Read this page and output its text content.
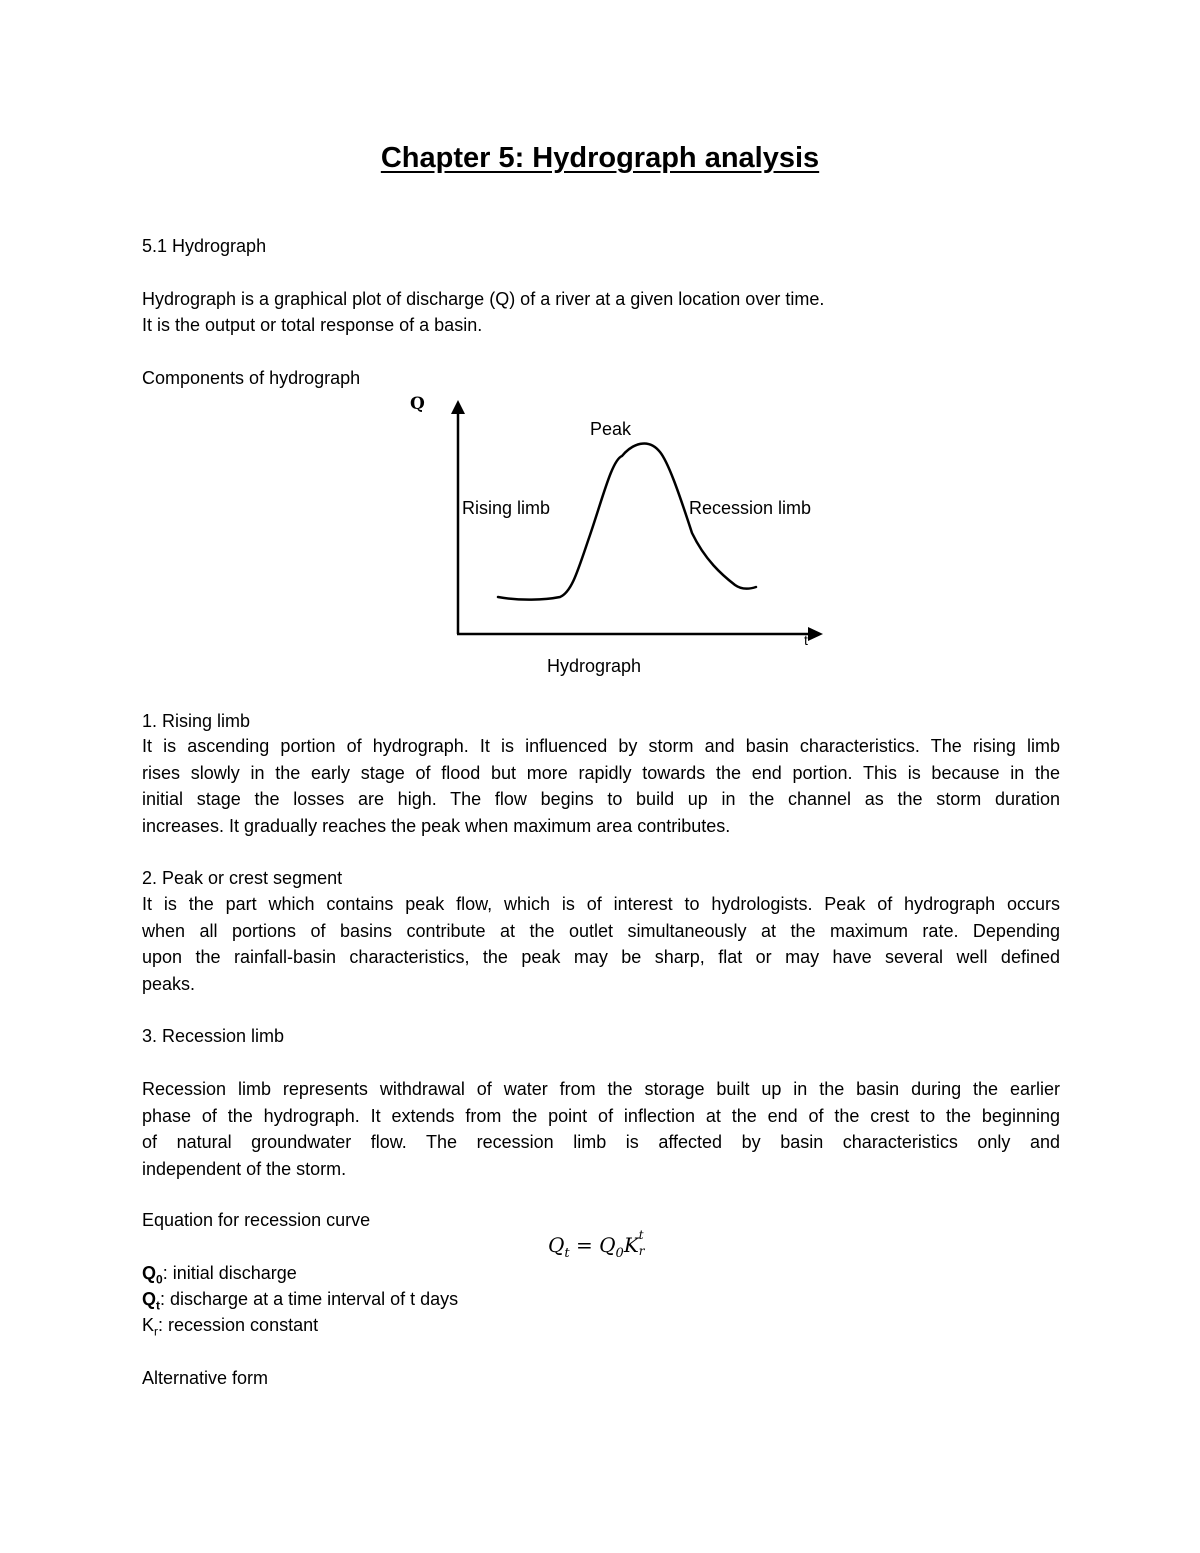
Chapter 5: Hydrograph analysis
5.1 Hydrograph
Hydrograph is a graphical plot of discharge (Q) of a river at a given location over time.
It is the output or total response of a basin.
Components of hydrograph
Q
t
Peak
Rising limb	Recession limb
Hydrograph
1. Rising limb
It is ascending portion of hydrograph. It is influenced by storm and basin characteristics. The rising limb
rises slowly in the early stage of flood but more rapidly towards the end portion. This is because in the
initial stage the losses are high. The flow begins to build up in the channel as the storm duration
increases. It gradually reaches the peak when maximum area contributes.
2. Peak or crest segment
It is the part which contains peak flow, which is of interest to hydrologists. Peak of hydrograph occurs
when all portions of basins contribute at the outlet simultaneously at the maximum rate. Depending
upon the rainfall-basin characteristics, the peak may be sharp, flat or may have several well defined
peaks.
3. Recession limb
Recession limb represents withdrawal of water from the storage built up in the basin during the earlier
phase of the hydrograph. It extends from the point of inflection at the end of the crest to the beginning
of natural groundwater flow. The recession limb is affected by basin characteristics only and
independent of the storm.
Equation for recession curve
$Q_t = Q_0K$ t
r
$Q_0$: initial discharge
$Q_t$: discharge at a time interval of t days
$K_r$: recession constant
Alternative form
